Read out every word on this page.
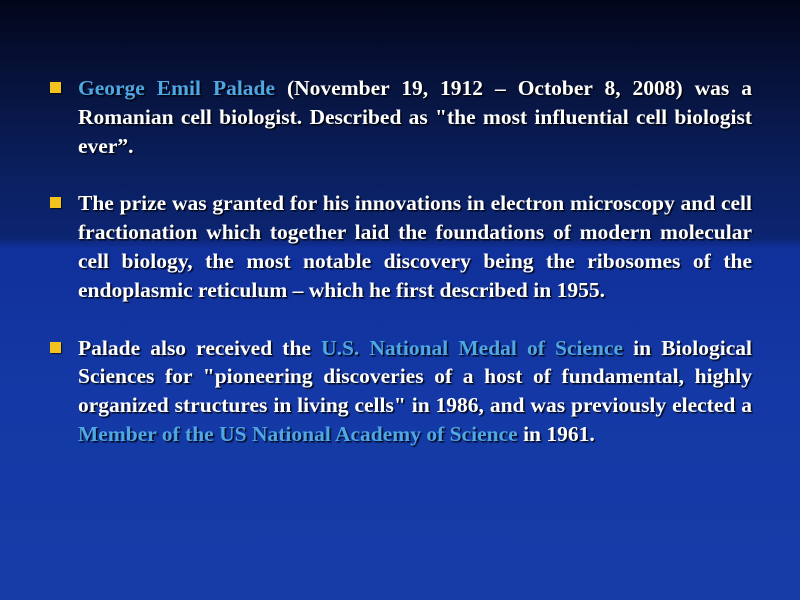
George Emil Palade (November 19, 1912 – October 8, 2008) was a Romanian cell biologist. Described as "the most influential cell biologist ever”.
The prize was granted for his innovations in electron microscopy and cell fractionation which together laid the foundations of modern molecular cell biology, the most notable discovery being the ribosomes of the endoplasmic reticulum – which he first described in 1955.
Palade also received the U.S. National Medal of Science in Biological Sciences for "pioneering discoveries of a host of fundamental, highly organized structures in living cells" in 1986, and was previously elected a Member of the US National Academy of Science in 1961.
